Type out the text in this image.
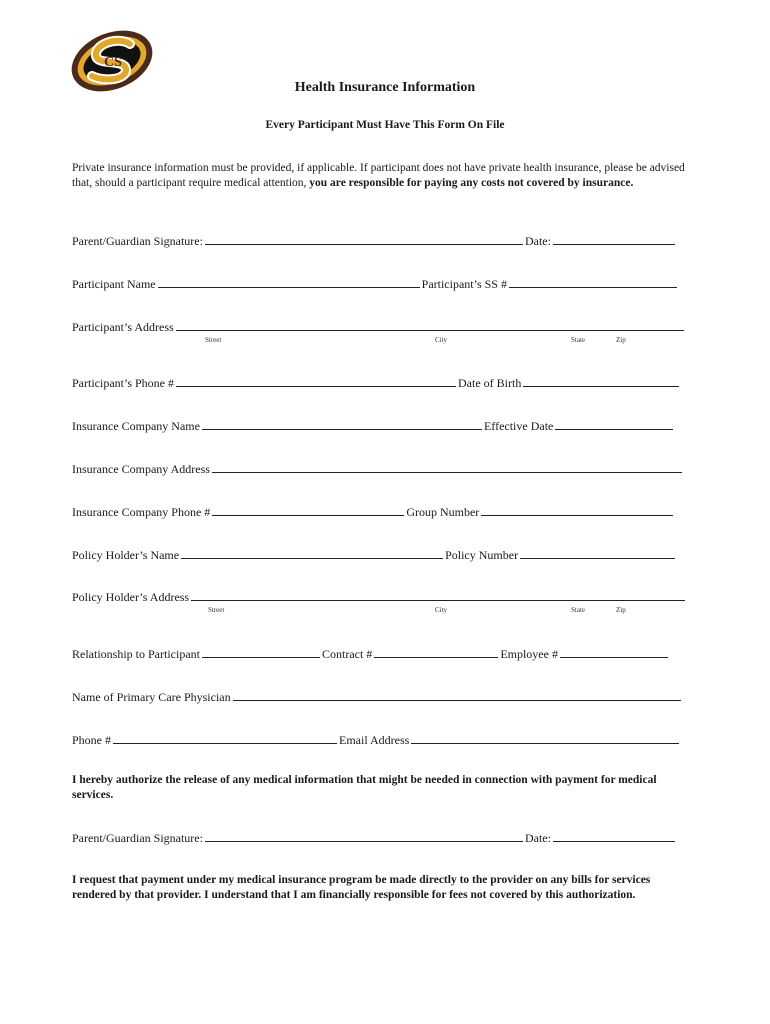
CS
Health Insurance Information
Every Participant Must Have This Form On File
Private insurance information must be provided, if applicable. If participant does not have private health insurance, please be advised that, should a participant require medical attention, you are responsible for paying any costs not covered by insurance.
Parent/Guardian Signature:	Date:
Participant Name	Participant’s SS #
Participant’s Address
Street	City	State	Zip
Participant’s Phone #	Date of Birth
Insurance Company Name	Effective Date
Insurance Company Address
Insurance Company Phone #	Group Number
Policy Holder’s Name	Policy Number
Policy Holder’s Address
Street	City	State	Zip
Relationship to Participant	Contract #	Employee #
Name of Primary Care Physician
Phone #	Email Address
I hereby authorize the release of any medical information that might be needed in connection with payment for medical services.
Parent/Guardian Signature:	Date:
I request that payment under my medical insurance program be made directly to the provider on any bills for services rendered by that provider. I understand that I am financially responsible for fees not covered by this authorization.
